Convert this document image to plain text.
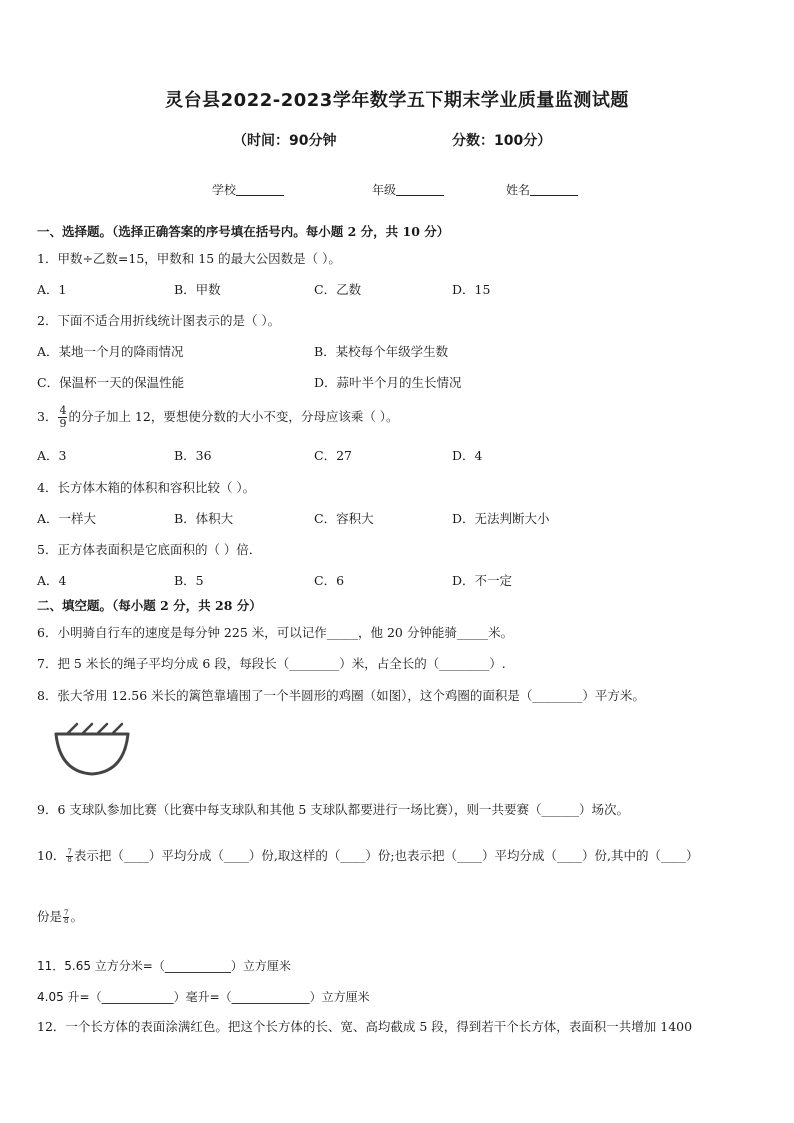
灵台县2022-2023学年数学五下期末学业质量监测试题
（时间：90分钟	分数：100分）
学校	年级	姓名
一、选择题。（选择正确答案的序号填在括号内。每小题 2 分，共 10 分）
1．甲数÷乙数=15，甲数和 15 的最大公因数是（ ）。
A．1	B．甲数	C．乙数	D．15
2．下面不适合用折线统计图表示的是（ ）。
A．某地一个月的降雨情况	B．某校每个年级学生数
C．保温杯一天的保温性能	D．蒜叶半个月的生长情况
3． $\frac{4}{9}$ 的分子加上 12，要想使分数的大小不变，分母应该乘（ ）。
A．3	B．36	C．27	D．4
4．长方体木箱的体积和容积比较（ ）。
A．一样大	B．体积大	C．容积大	D．无法判断大小
5．正方体表面积是它底面积的（ ）倍．
A．4	B．5	C．6	D．不一定
二、填空题。（每小题 2 分，共 28 分）
6．小明骑自行车的速度是每分钟 225 米，可以记作_____，他 20 分钟能骑_____米。
7．把 5 米长的绳子平均分成 6 段，每段长（________）米，占全长的（________）.
8．张大爷用 12.56 米长的篱笆靠墙围了一个半圆形的鸡圈（如图），这个鸡圈的面积是（________）平方米。
9．6 支球队参加比赛（比赛中每支球队和其他 5 支球队都要进行一场比赛），则一共要赛（______）场次。
10． $\frac{7}{8}$ 表示把（____）平均分成（____）份,取这样的（____）份;也表示把（____）平均分成（____）份,其中的（____）
份是 $\frac{7}{8}$ 。
11．5.65 立方分米=（___________）立方厘米
4.05 升=（____________）毫升=（_____________）立方厘米
12．一个长方体的表面涂满红色。把这个长方体的长、宽、高均截成 5 段，得到若干个长方体，表面积一共增加 1400
